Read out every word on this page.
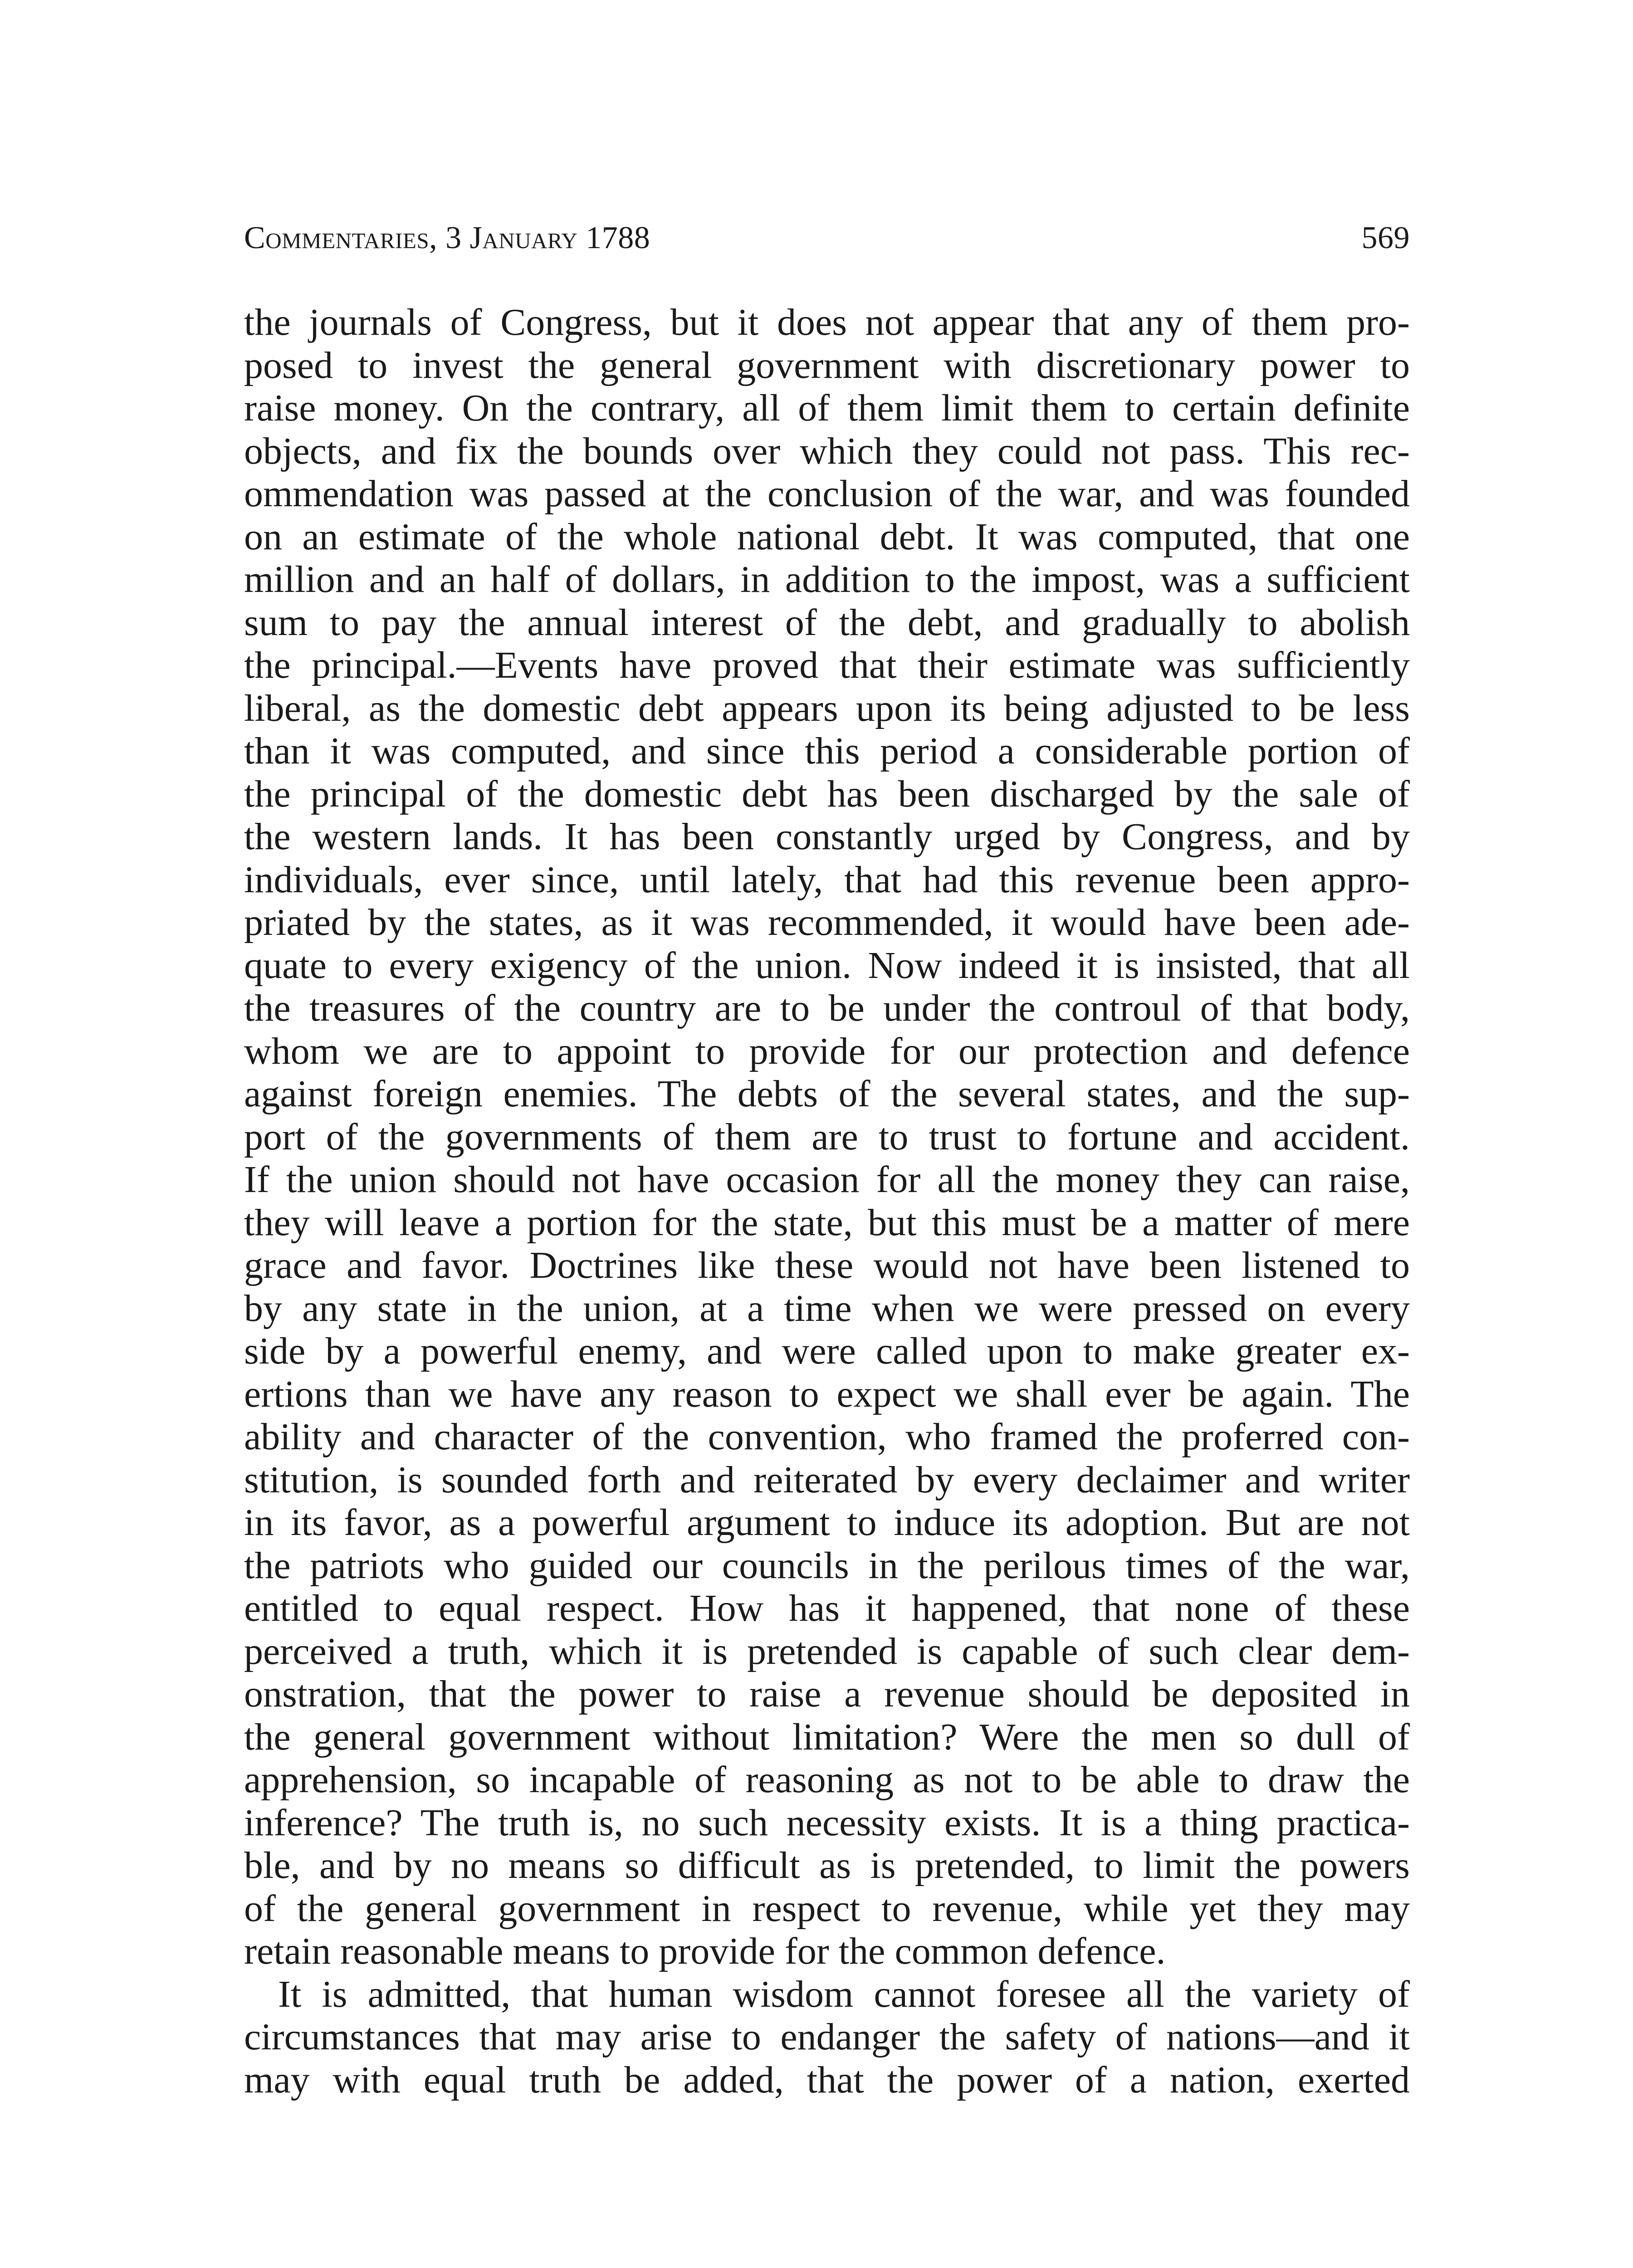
Commentaries, 3 January 1788	569
the journals of Congress, but it does not appear that any of them pro-
posed to invest the general government with discretionary power to
raise money. On the contrary, all of them limit them to certain definite
objects, and fix the bounds over which they could not pass. This rec-
ommendation was passed at the conclusion of the war, and was founded
on an estimate of the whole national debt. It was computed, that one
million and an half of dollars, in addition to the impost, was a sufficient
sum to pay the annual interest of the debt, and gradually to abolish
the principal.—Events have proved that their estimate was sufficiently
liberal, as the domestic debt appears upon its being adjusted to be less
than it was computed, and since this period a considerable portion of
the principal of the domestic debt has been discharged by the sale of
the western lands. It has been constantly urged by Congress, and by
individuals, ever since, until lately, that had this revenue been appro-
priated by the states, as it was recommended, it would have been ade-
quate to every exigency of the union. Now indeed it is insisted, that all
the treasures of the country are to be under the controul of that body,
whom we are to appoint to provide for our protection and defence
against foreign enemies. The debts of the several states, and the sup-
port of the governments of them are to trust to fortune and accident.
If the union should not have occasion for all the money they can raise,
they will leave a portion for the state, but this must be a matter of mere
grace and favor. Doctrines like these would not have been listened to
by any state in the union, at a time when we were pressed on every
side by a powerful enemy, and were called upon to make greater ex-
ertions than we have any reason to expect we shall ever be again. The
ability and character of the convention, who framed the proferred con-
stitution, is sounded forth and reiterated by every declaimer and writer
in its favor, as a powerful argument to induce its adoption. But are not
the patriots who guided our councils in the perilous times of the war,
entitled to equal respect. How has it happened, that none of these
perceived a truth, which it is pretended is capable of such clear dem-
onstration, that the power to raise a revenue should be deposited in
the general government without limitation? Were the men so dull of
apprehension, so incapable of reasoning as not to be able to draw the
inference? The truth is, no such necessity exists. It is a thing practica-
ble, and by no means so difficult as is pretended, to limit the powers
of the general government in respect to revenue, while yet they may
retain reasonable means to provide for the common defence.
It is admitted, that human wisdom cannot foresee all the variety of
circumstances that may arise to endanger the safety of nations—and it
may with equal truth be added, that the power of a nation, exerted
